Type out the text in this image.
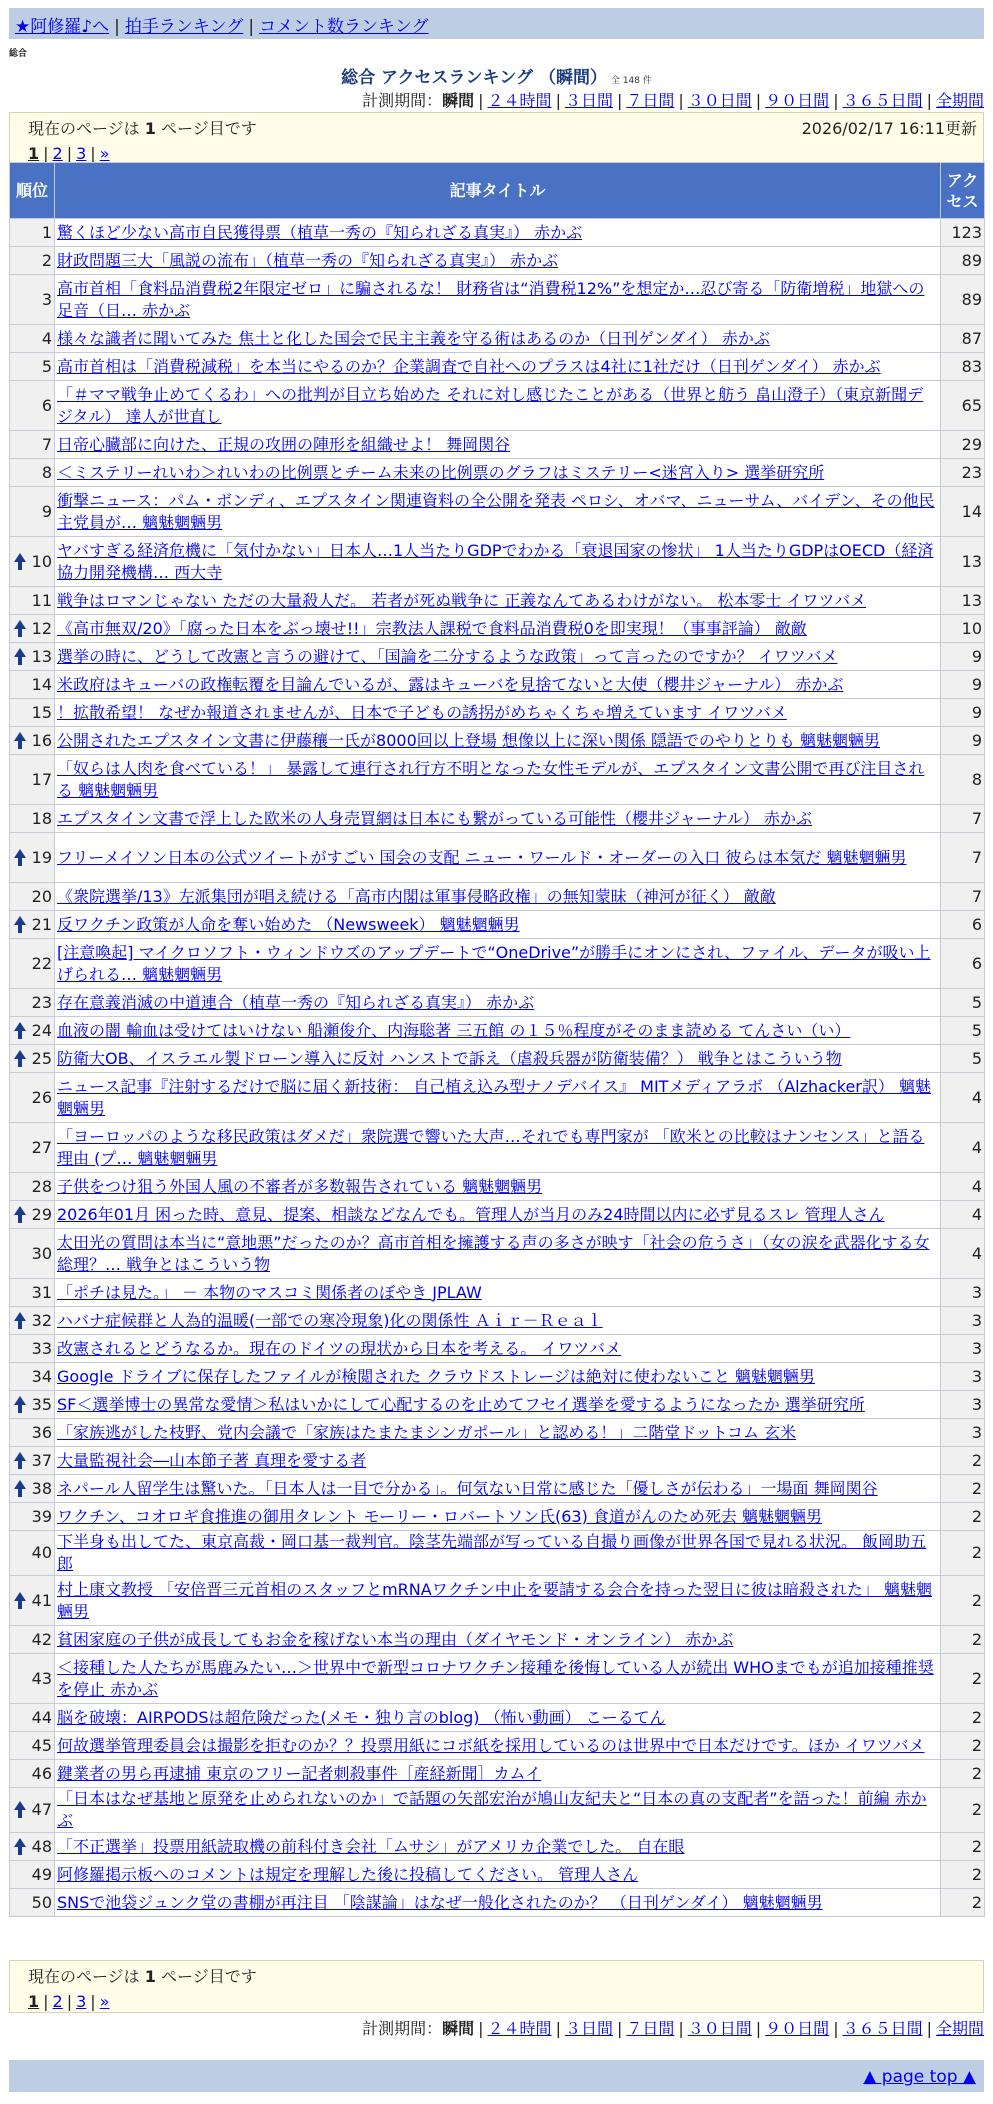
★阿修羅♪へ | 拍手ランキング | コメント数ランキング
総合
総合 アクセスランキング （瞬間） 全 148 件
計測期間：瞬間 | ２４時間 | ３日間 | ７日間 | ３０日間 | ９０日間 | ３６５日間 | 全期間
現在のページは 1 ページ目です	2026/02/17 16:11更新
1 | 2 | 3 | »
順位	記事タイトル	アクセス
1	驚くほど少ない高市自民獲得票（植草一秀の『知られざる真実』） 赤かぶ	123
2	財政問題三大「風説の流布」（植草一秀の『知られざる真実』） 赤かぶ	89
3	高市首相「食料品消費税2年限定ゼロ」に騙されるな！ 財務省は“消費税12%”を想定か…忍び寄る「防衛増税」地獄への足音（日… 赤かぶ	89
4	様々な識者に聞いてみた 焦土と化した国会で民主主義を守る術はあるのか（日刊ゲンダイ） 赤かぶ	87
5	高市首相は「消費税減税」を本当にやるのか？企業調査で自社へのプラスは4社に1社だけ（日刊ゲンダイ） 赤かぶ	83
6	「＃ママ戦争止めてくるわ」への批判が目立ち始めた それに対し感じたことがある（世界と舫う 畠山澄子）（東京新聞デジタル） 達人が世直し	65
7	日帝心臓部に向けた、正規の攻囲の陣形を組織せよ！ 舞岡関谷	29
8	＜ミステリーれいわ＞れいわの比例票とチーム未来の比例票のグラフはミステリー<迷宮入り> 選挙研究所	23
9	衝撃ニュース：パム・ボンディ、エプスタイン関連資料の全公開を発表 ペロシ、オバマ、ニューサム、バイデン、その他民主党員が… 魑魅魍魎男	14

10	ヤバすぎる経済危機に「気付かない」日本人…1人当たりGDPでわかる「衰退国家の惨状」 1人当たりGDPはOECD（経済協力開発機構… 西大寺	13
11	戦争はロマンじゃない ただの大量殺人だ。 若者が死ぬ戦争に 正義なんてあるわけがない。 松本零士 イワツバメ	13

12	《高市無双/20》「腐った日本をぶっ壊せ!!」宗教法人課税で食料品消費税0を即実現！（事事評論） 敵敵	10

13	選挙の時に、どうして改憲と言うの避けて、「国論を二分するような政策」って言ったのですか？ イワツバメ	9
14	米政府はキューバの政権転覆を目論んでいるが、露はキューバを見捨てないと大使（櫻井ジャーナル） 赤かぶ	9
15	！拡散希望！ なぜか報道されませんが、日本で子どもの誘拐がめちゃくちゃ増えています イワツバメ	9

16	公開されたエプスタイン文書に伊藤穰一氏が8000回以上登場 想像以上に深い関係 隠語でのやりとりも 魑魅魍魎男	9
17	「奴らは人肉を食べている！」 暴露して連行され行方不明となった女性モデルが、エプスタイン文書公開で再び注目される 魑魅魍魎男	8
18	エプスタイン文書で浮上した欧米の人身売買網は日本にも繋がっている可能性（櫻井ジャーナル） 赤かぶ	7

19	フリーメイソン日本の公式ツイートがすごい 国会の支配 ニュー・ワールド・オーダーの入口 彼らは本気だ 魑魅魍魎男	7
20	《衆院選挙/13》左派集団が唱え続ける「高市内閣は軍事侵略政権」の無知蒙昧（神河が征く） 敵敵	7

21	反ワクチン政策が人命を奪い始めた （Newsweek） 魑魅魍魎男	6
22	[注意喚起] マイクロソフト・ウィンドウズのアップデートで“OneDrive”が勝手にオンにされ、ファイル、データが吸い上げられる… 魑魅魍魎男	6
23	存在意義消滅の中道連合（植草一秀の『知られざる真実』） 赤かぶ	5

24	血液の闇 輸血は受けてはいけない 船瀬俊介、内海聡著 三五館 の１５％程度がそのまま読める てんさい（い）	5

25	防衛大OB、イスラエル製ドローン導入に反対 ハンストで訴え（虐殺兵器が防衛装備？） 戦争とはこういう物	5
26	ニュース記事『注射するだけで脳に届く新技術： 自己植え込み型ナノデバイス』 MITメディアラボ （Alzhacker訳） 魑魅魍魎男	4
27	「ヨーロッパのような移民政策はダメだ」衆院選で響いた大声…それでも専門家が 「欧米との比較はナンセンス」と語る理由 (プ… 魑魅魍魎男	4
28	子供をつけ狙う外国人風の不審者が多数報告されている 魑魅魍魎男	4

29	2026年01月 困った時、意見、提案、相談などなんでも。管理人が当月のみ24時間以内に必ず見るスレ 管理人さん	4
30	太田光の質問は本当に“意地悪”だったのか？高市首相を擁護する声の多さが映す「社会の危うさ」（女の涙を武器化する女総理？… 戦争とはこういう物	4
31	「ポチは見た。」 － 本物のマスコミ関係者のぼやき JPLAW	3

32	ハバナ症候群と人為的温暖(一部での寒冷現象)化の関係性 Ａｉｒ－Ｒｅａｌ	3
33	改憲されるとどうなるか。現在のドイツの現状から日本を考える。 イワツバメ	3
34	Google ドライブに保存したファイルが検閲された クラウドストレージは絶対に使わないこと 魑魅魍魎男	3

35	SF＜選挙博士の異常な愛情＞私はいかにして心配するのを止めてフセイ選挙を愛するようになったか 選挙研究所	3
36	「家族逃がした枝野、党内会議で「家族はたまたまシンガポール」と認める！」二階堂ドットコム 玄米	3

37	大量監視社会―山本節子著 真理を愛する者	2

38	ネパール人留学生は驚いた。「日本人は一目で分かる」。何気ない日常に感じた「優しさが伝わる」一場面 舞岡関谷	2
39	ワクチン、コオロギ食推進の御用タレント モーリー・ロバートソン氏(63) 食道がんのため死去 魑魅魍魎男	2
40	下半身も出してた、東京高裁・岡口基一裁判官。陰茎先端部が写っている自撮り画像が世界各国で見れる状況。 飯岡助五郎	2

41	村上康文教授 「安倍晋三元首相のスタッフとmRNAワクチン中止を要請する会合を持った翌日に彼は暗殺された」 魑魅魍魎男	2
42	貧困家庭の子供が成長してもお金を稼げない本当の理由（ダイヤモンド・オンライン） 赤かぶ	2
43	＜接種した人たちが馬鹿みたい…＞世界中で新型コロナワクチン接種を後悔している人が続出 WHOまでもが追加接種推奨を停止 赤かぶ	2
44	脳を破壊：AIRPODSは超危険だった(メモ・独り言のblog) （怖い動画） こーるてん	2
45	何故選挙管理委員会は撮影を拒むのか？？投票用紙にコボ紙を採用しているのは世界中で日本だけです。ほか イワツバメ	2
46	鍵業者の男ら再逮捕 東京のフリー記者刺殺事件［産経新聞］カムイ	2

47	「日本はなぜ基地と原発を止められないのか」で話題の矢部宏治が鳩山友紀夫と“日本の真の支配者”を語った！前編 赤かぶ	2

48	「不正選挙」投票用紙読取機の前科付き会社「ムサシ」がアメリカ企業でした。 自在眼	2
49	阿修羅掲示板へのコメントは規定を理解した後に投稿してください。 管理人さん	2
50	SNSで池袋ジュンク堂の書棚が再注目 「陰謀論」はなぜ一般化されたのか？ （日刊ゲンダイ） 魑魅魍魎男	2
現在のページは 1 ページ目です
1 | 2 | 3 | »
計測期間：瞬間 | ２４時間 | ３日間 | ７日間 | ３０日間 | ９０日間 | ３６５日間 | 全期間
▲ page top ▲
